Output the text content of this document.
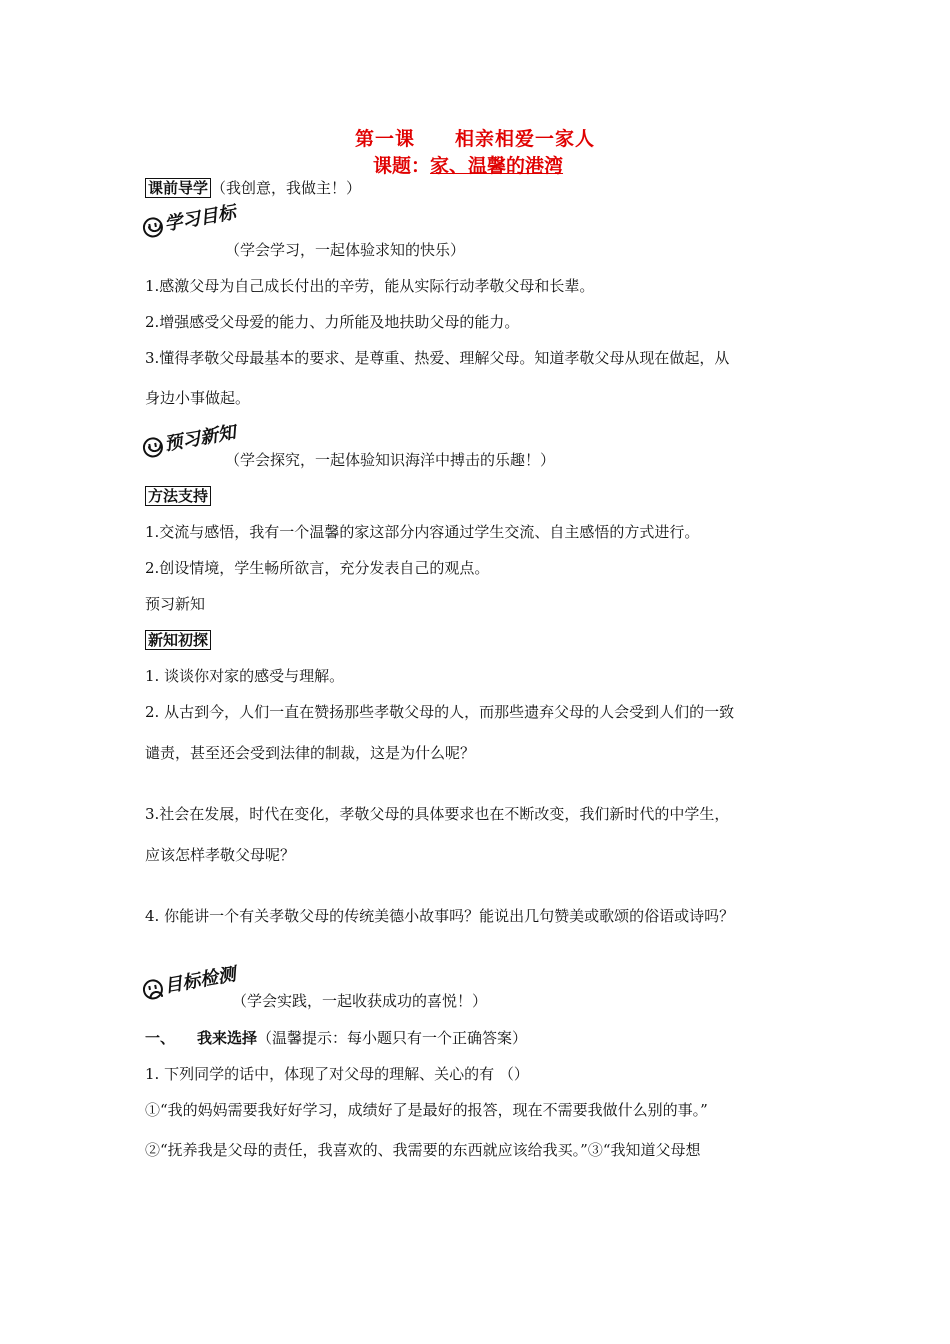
第一课 相亲相爱一家人
课题：家、温馨的港湾
课前导学 （我创意，我做主！）
学习目标
（学会学习，一起体验求知的快乐）
1.感激父母为自己成长付出的辛劳，能从实际行动孝敬父母和长辈。
2.增强感受父母爱的能力、力所能及地扶助父母的能力。
3.懂得孝敬父母最基本的要求、是尊重、热爱、理解父母。知道孝敬父母从现在做起，从
身边小事做起。
预习新知
（学会探究，一起体验知识海洋中搏击的乐趣！）
方法支持
1.交流与感悟，我有一个温馨的家这部分内容通过学生交流、自主感悟的方式进行。
2.创设情境，学生畅所欲言，充分发表自己的观点。
预习新知
新知初探
1. 谈谈你对家的感受与理解。
2. 从古到今，人们一直在赞扬那些孝敬父母的人，而那些遗弃父母的人会受到人们的一致
谴责，甚至还会受到法律的制裁，这是为什么呢？
3.社会在发展，时代在变化，孝敬父母的具体要求也在不断改变，我们新时代的中学生，
应该怎样孝敬父母呢？
4. 你能讲一个有关孝敬父母的传统美德小故事吗？能说出几句赞美或歌颂的俗语或诗吗？
目标检测
（学会实践，一起收获成功的喜悦！）
一、 我来选择（温馨提示：每小题只有一个正确答案）
1. 下列同学的话中，体现了对父母的理解、关心的有 （）
①“我的妈妈需要我好好学习，成绩好了是最好的报答，现在不需要我做什么别的事。”
②“抚养我是父母的责任，我喜欢的、我需要的东西就应该给我买。”③“我知道父母想
